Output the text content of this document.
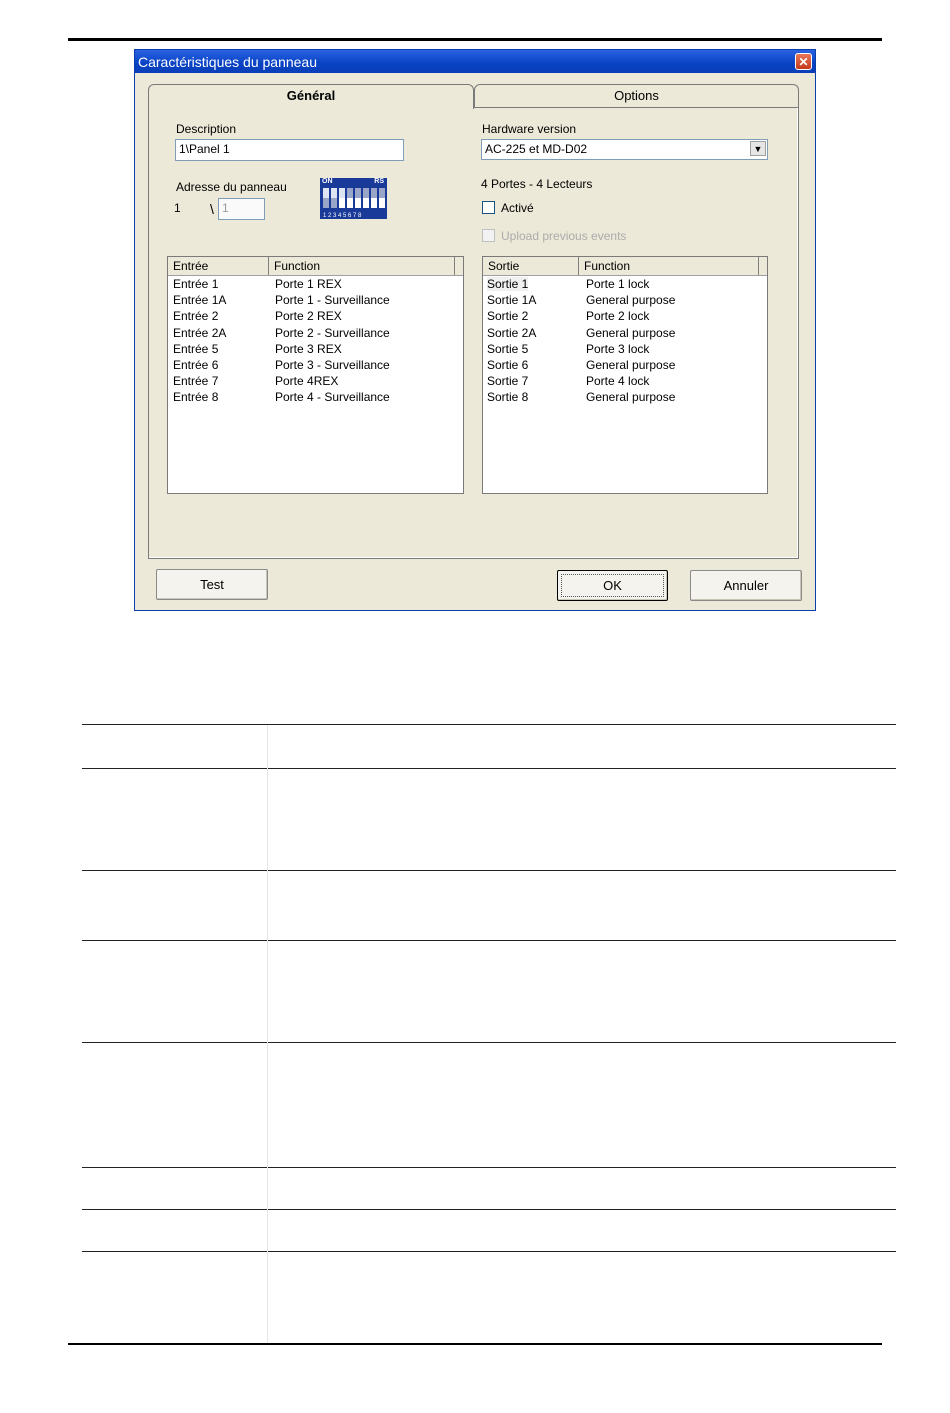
Caractéristiques du panneau	✕
Général	Options
Description
1\Panel 1
Adresse du panneau
1 \ 1
ON	RS
1 2 3 4 5 6 7 8
Hardware version
AC-225 et MD-D02	▼
4 Portes - 4 Lecteurs
Activé
Upload previous events
Entrée	Function
Entrée 1	Porte 1 REX
Entrée 1A	Porte 1 - Surveillance
Entrée 2	Porte 2 REX
Entrée 2A	Porte 2 - Surveillance
Entrée 5	Porte 3 REX
Entrée 6	Porte 3 - Surveillance
Entrée 7	Porte 4REX
Entrée 8	Porte 4 - Surveillance
Sortie	Function
Sortie 1	Porte 1 lock
Sortie 1A	General purpose
Sortie 2	Porte 2 lock
Sortie 2A	General purpose
Sortie 5	Porte 3 lock
Sortie 6	General purpose
Sortie 7	Porte 4 lock
Sortie 8	General purpose
Test	OK	Annuler
